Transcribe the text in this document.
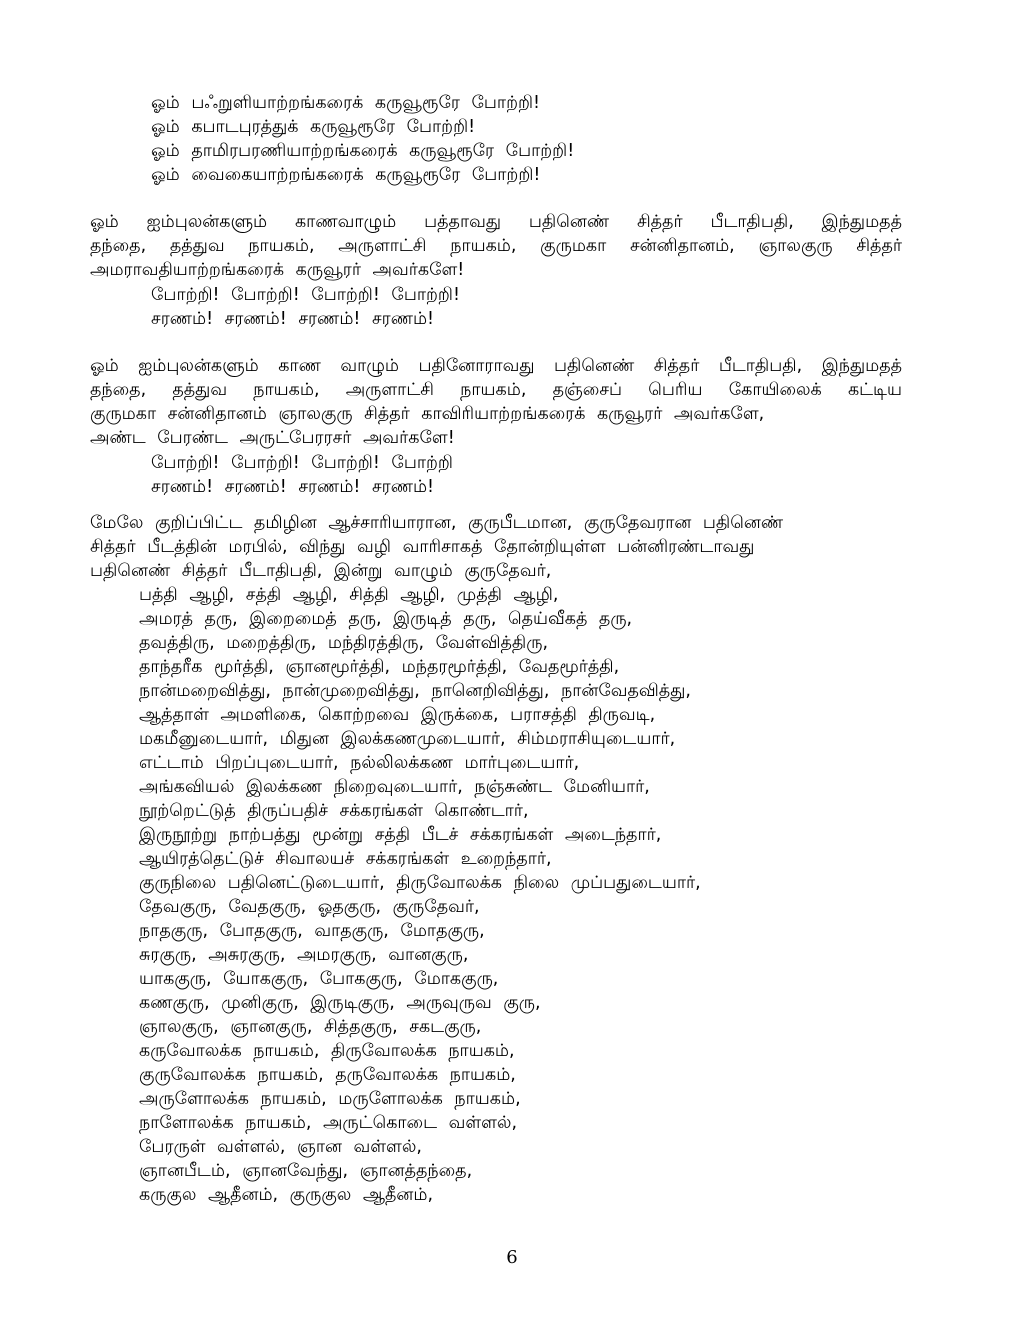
ஓம் பஃறுளியாற்றங்கரைக் கருவூரூரே போற்றி!
ஓம் கபாடபுரத்துக் கருவூரூரே போற்றி!
ஓம் தாமிரபரணியாற்றங்கரைக் கருவூரூரே போற்றி!
ஓம் வைகையாற்றங்கரைக் கருவூரூரே போற்றி!
ஓம் ஐம்புலன்களும் காணவாழும் பத்தாவது பதினெண் சித்தர் பீடாதிபதி, இந்துமதத்
தந்தை, தத்துவ நாயகம், அருளாட்சி நாயகம், குருமகா சன்னிதானம், ஞாலகுரு சித்தர்
அமராவதியாற்றங்கரைக் கருவூரர் அவர்களே!
போற்றி! போற்றி! போற்றி! போற்றி!
சரணம்! சரணம்! சரணம்! சரணம்!
ஓம் ஐம்புலன்களும் காண வாழும் பதினோராவது பதினெண் சித்தர் பீடாதிபதி, இந்துமதத்
தந்தை, தத்துவ நாயகம், அருளாட்சி நாயகம், தஞ்சைப் பெரிய கோயிலைக் கட்டிய
குருமகா சன்னிதானம் ஞாலகுரு சித்தர் காவிரியாற்றங்கரைக் கருவூரர் அவர்களே,
அண்ட பேரண்ட அருட்பேரரசர் அவர்களே!
போற்றி! போற்றி! போற்றி! போற்றி
சரணம்! சரணம்! சரணம்! சரணம்!
மேலே குறிப்பிட்ட தமிழின ஆச்சாரியாரான, குருபீடமான, குருதேவரான பதினெண்
சித்தர் பீடத்தின் மரபில், விந்து வழி வாரிசாகத் தோன்றியுள்ள பன்னிரண்டாவது
பதினெண் சித்தர் பீடாதிபதி, இன்று வாழும் குருதேவர்,
பத்தி ஆழி, சத்தி ஆழி, சித்தி ஆழி, முத்தி ஆழி,
அமரத் தரு, இறைமைத் தரு, இருடித் தரு, தெய்வீகத் தரு,
தவத்திரு, மறைத்திரு, மந்திரத்திரு, வேள்வித்திரு,
தாந்தரீக மூர்த்தி, ஞானமூர்த்தி, மந்தரமூர்த்தி, வேதமூர்த்தி,
நான்மறைவித்து, நான்முறைவித்து, நானெறிவித்து, நான்வேதவித்து,
ஆத்தாள் அமளிகை, கொற்றவை இருக்கை, பராசத்தி திருவடி,
மகமீனுடையார், மிதுன இலக்கணமுடையார், சிம்மராசியுடையார்,
எட்டாம் பிறப்புடையார், நல்லிலக்கண மார்புடையார்,
அங்கவியல் இலக்கண நிறைவுடையார், நஞ்சுண்ட மேனியார்,
நூற்றெட்டுத் திருப்பதிச் சக்கரங்கள் கொண்டார்,
இருநூற்று நாற்பத்து மூன்று சத்தி பீடச் சக்கரங்கள் அடைந்தார்,
ஆயிரத்தெட்டுச் சிவாலயச் சக்கரங்கள் உறைந்தார்,
குருநிலை பதினெட்டுடையார், திருவோலக்க நிலை முப்பதுடையார்,
தேவகுரு, வேதகுரு, ஓதகுரு, குருதேவர்,
நாதகுரு, போதகுரு, வாதகுரு, மோதகுரு,
சுரகுரு, அசுரகுரு, அமரகுரு, வானகுரு,
யாககுரு, யோககுரு, போககுரு, மோககுரு,
கணகுரு, முனிகுரு, இருடிகுரு, அருவுருவ குரு,
ஞாலகுரு, ஞானகுரு, சித்தகுரு, சகடகுரு,
கருவோலக்க நாயகம், திருவோலக்க நாயகம்,
குருவோலக்க நாயகம், தருவோலக்க நாயகம்,
அருளோலக்க நாயகம், மருளோலக்க நாயகம்,
நாளோலக்க நாயகம், அருட்கொடை வள்ளல்,
பேரருள் வள்ளல், ஞான வள்ளல்,
ஞானபீடம், ஞானவேந்து, ஞானத்தந்தை,
கருகுல ஆதீனம், குருகுல ஆதீனம்,
6
